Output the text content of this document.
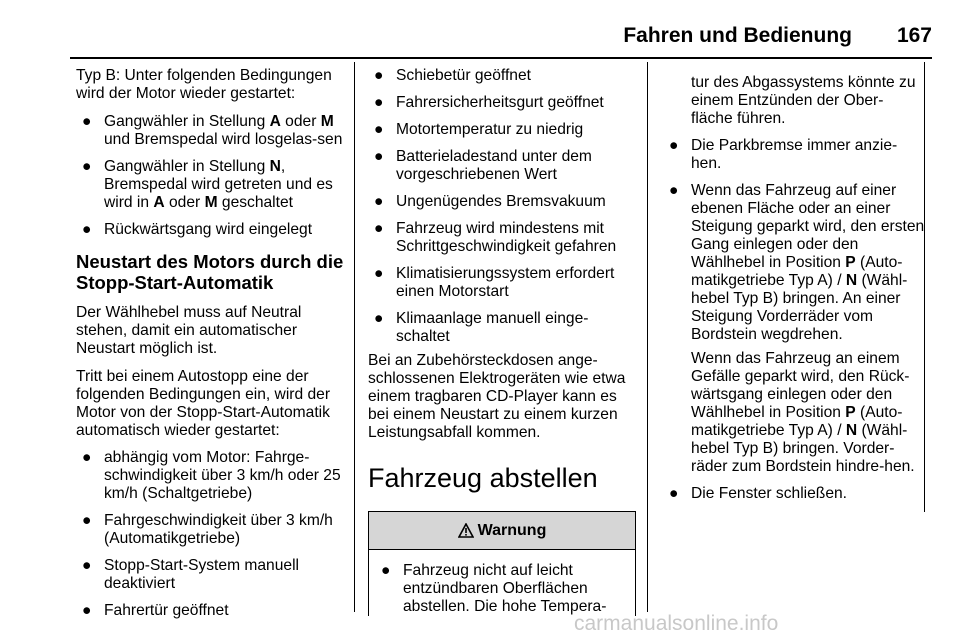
Fahren und Bedienung	167

Typ B: Unter folgenden Bedingungen wird der Motor wieder gestartet:

● Gangwähler in Stellung A oder M und Bremspedal wird losgelas-sen
● Gangwähler in Stellung N, Bremspedal wird getreten und es wird in A oder M geschaltet
● Rückwärtsgang wird eingelegt
Neustart des Motors durch die Stopp-Start-Automatik

Der Wählhebel muss auf Neutral stehen, damit ein automatischer Neustart möglich ist.

Tritt bei einem Autostopp eine der folgenden Bedingungen ein, wird der Motor von der Stopp-Start-Automatik automatisch wieder gestartet:

● abhängig vom Motor: Fahrge-schwindigkeit über 3 km/h oder 25 km/h (Schaltgetriebe)
● Fahrgeschwindigkeit über 3 km/h (Automatikgetriebe)
● Stopp-Start-System manuell deaktiviert
● Fahrertür geöffnet
● Schiebetür geöffnet
● Fahrersicherheitsgurt geöffnet
● Motortemperatur zu niedrig
● Batterieladestand unter dem vorgeschriebenen Wert
● Ungenügendes Bremsvakuum
● Fahrzeug wird mindestens mit Schrittgeschwindigkeit gefahren
● Klimatisierungssystem erfordert einen Motorstart
● Klimaanlage manuell einge-schaltet

Bei an Zubehörsteckdosen ange-schlossenen Elektrogeräten wie etwa einem tragbaren CD-Player kann es bei einem Neustart zu einem kurzen Leistungsabfall kommen.

Fahrzeug abstellen
Warnung
● Fahrzeug nicht auf leicht entzündbaren Oberflächen abstellen. Die hohe Tempera-

tur des Abgassystems könnte zu einem Entzünden der Ober-fläche führen.

● Die Parkbremse immer anzie-hen.
● Wenn das Fahrzeug auf einer ebenen Fläche oder an einer Steigung geparkt wird, den ersten Gang einlegen oder den Wählhebel in Position P (Auto-matikgetriebe Typ A) / N (Wähl-hebel Typ B) bringen. An einer Steigung Vorderräder vom Bordstein wegdrehen.

Wenn das Fahrzeug an einem Gefälle geparkt wird, den Rück-wärtsgang einlegen oder den Wählhebel in Position P (Auto-matikgetriebe Typ A) / N (Wähl-hebel Typ B) bringen. Vorder-räder zum Bordstein hindre-hen.

● Die Fenster schließen.
carmanualsonline.info
